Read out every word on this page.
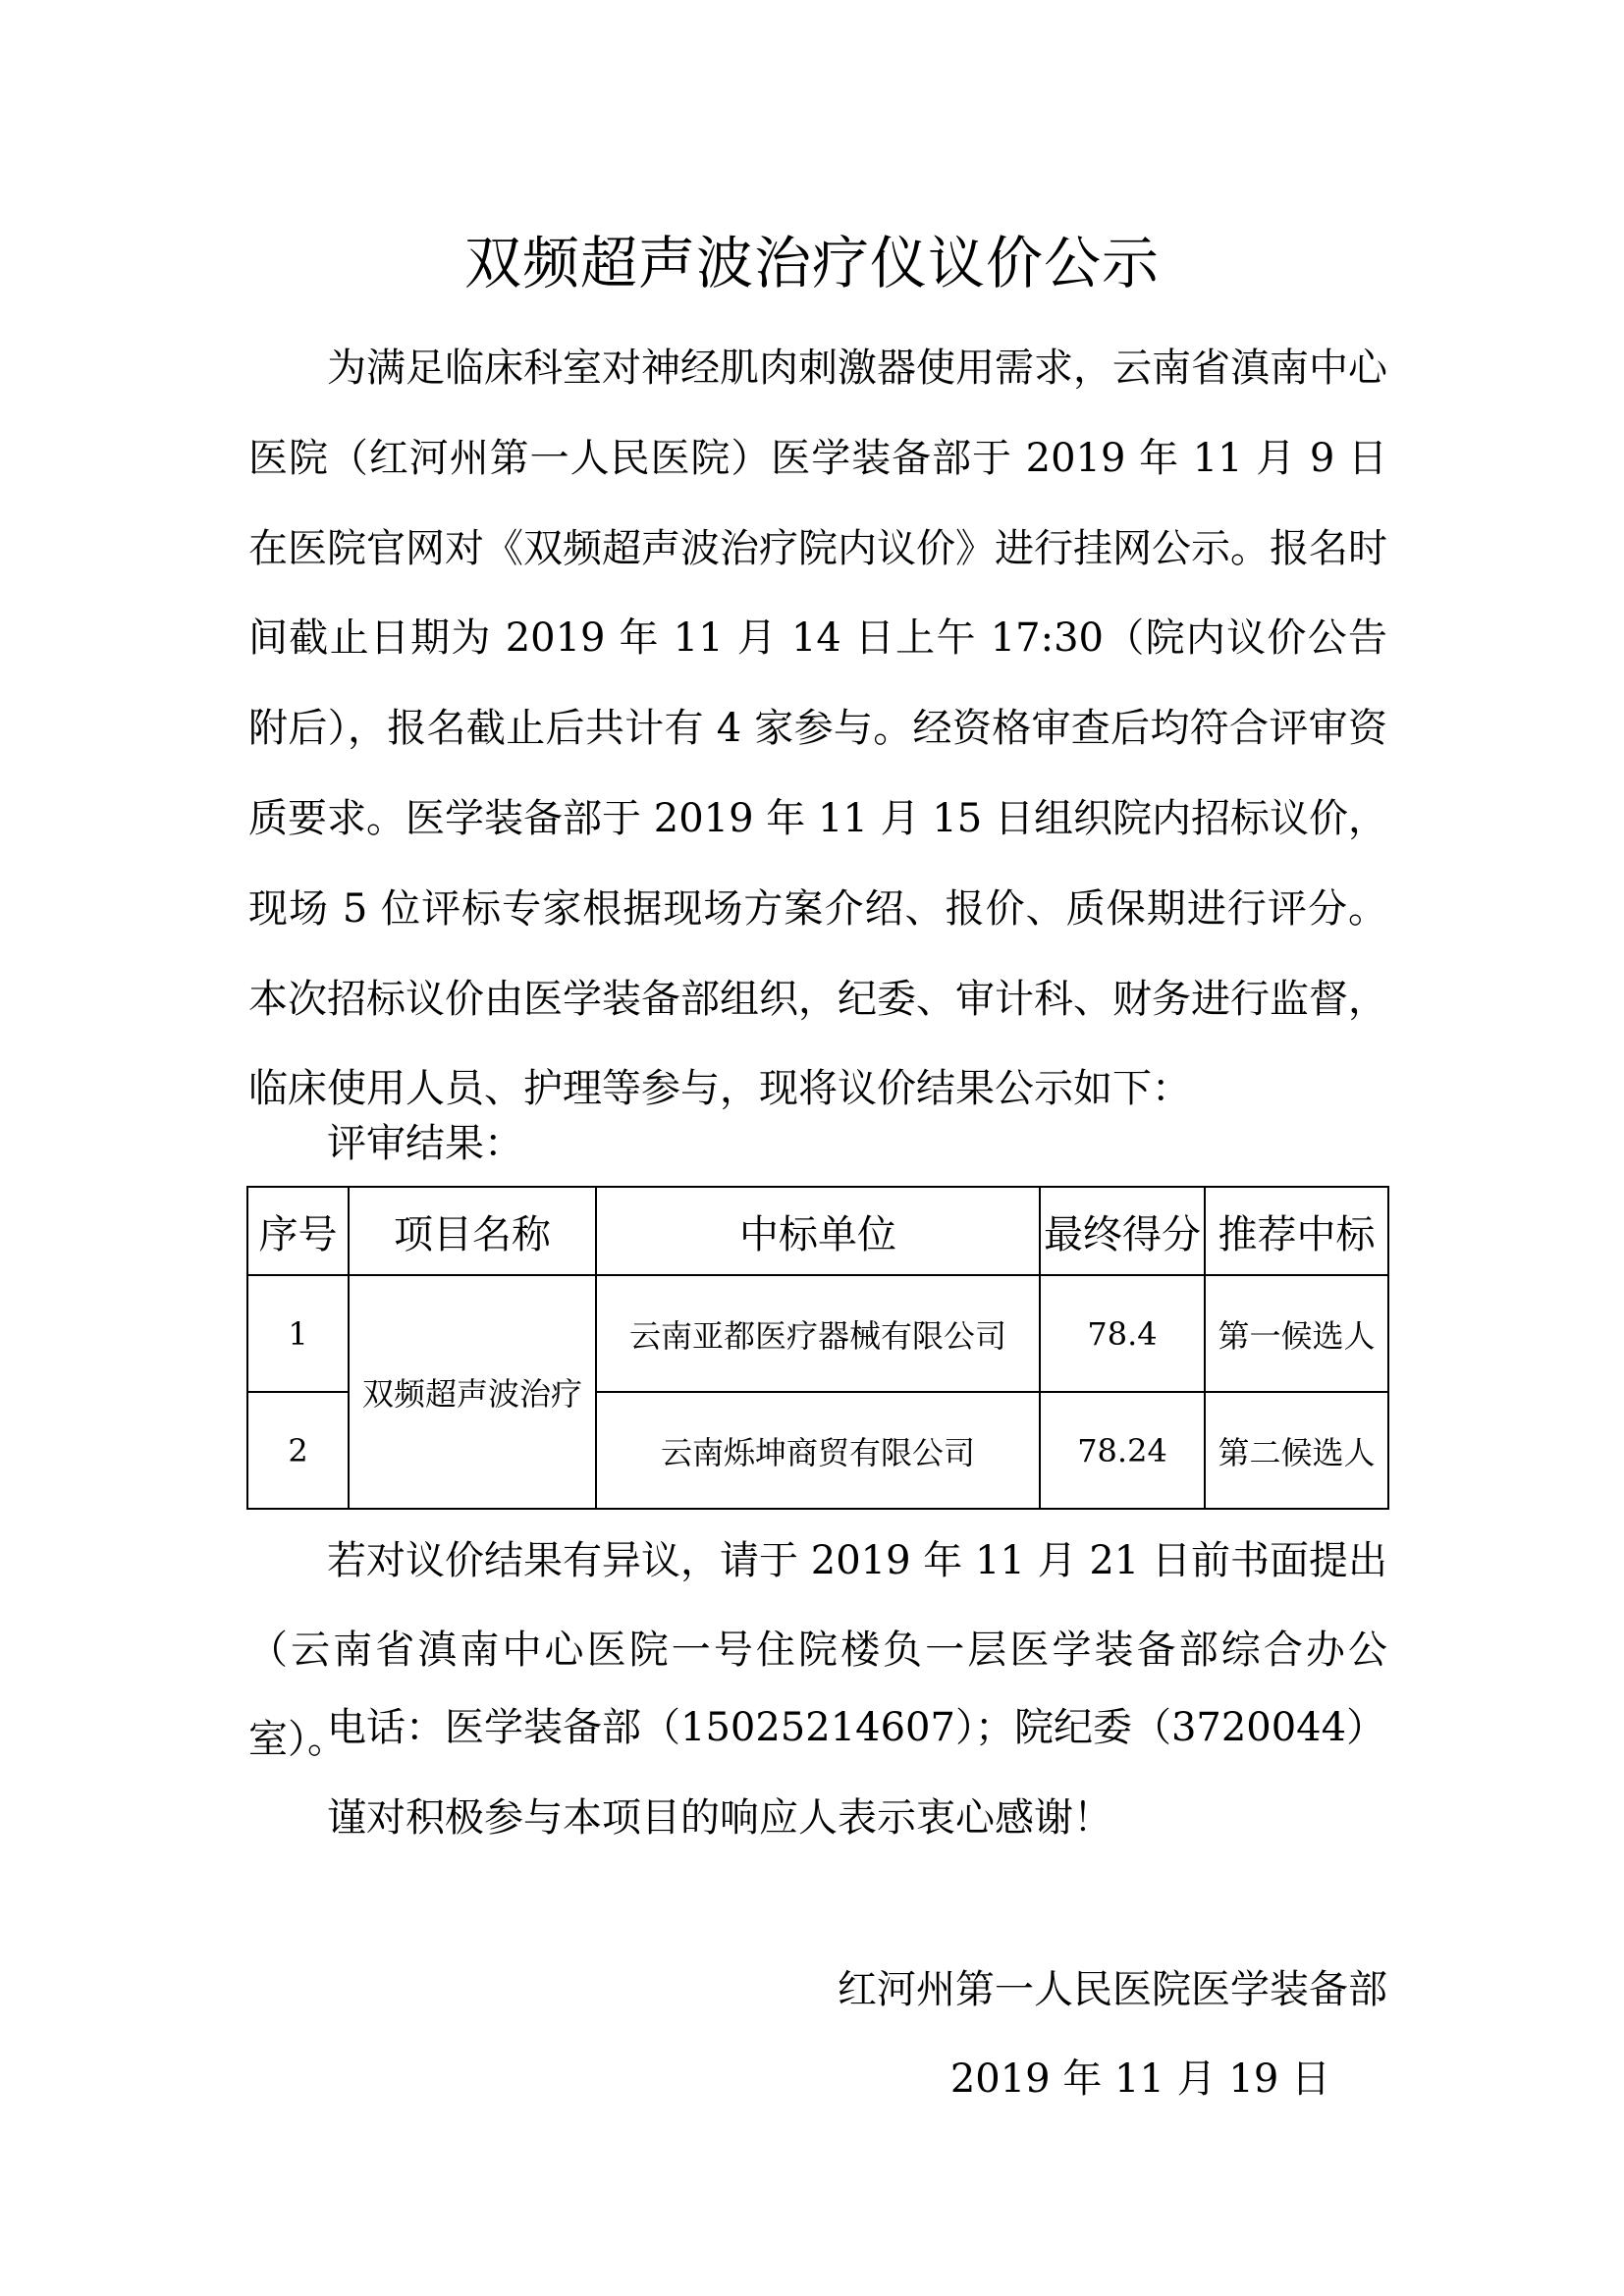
双频超声波治疗仪议价公示

为满足临床科室对神经肌肉刺激器使用需求，云南省滇南中心医院（红河州第一人民医院）医学装备部于 2019 年 11 月 9 日在医院官网对《双频超声波治疗院内议价》进行挂网公示。报名时间截止日期为 2019 年 11 月 14 日上午 17:30（院内议价公告附后），报名截止后共计有 4 家参与。经资格审查后均符合评审资质要求。医学装备部于 2019 年 11 月 15 日组织院内招标议价，现场 5 位评标专家根据现场方案介绍、报价、质保期进行评分。本次招标议价由医学装备部组织，纪委、审计科、财务进行监督，临床使用人员、护理等参与，现将议价结果公示如下：

评审结果：
序号	项目名称	中标单位	最终得分	推荐中标
1	双频超声波治疗	云南亚都医疗器械有限公司	78.4	第一候选人
2		云南烁坤商贸有限公司	78.24	第二候选人

若对议价结果有异议，请于 2019 年 11 月 21 日前书面提出（云南省滇南中心医院一号住院楼负一层医学装备部综合办公室）。

电话：医学装备部（15025214607）；院纪委（3720044）
谨对积极参与本项目的响应人表示衷心感谢！
红河州第一人民医院医学装备部
2019 年 11 月 19 日
